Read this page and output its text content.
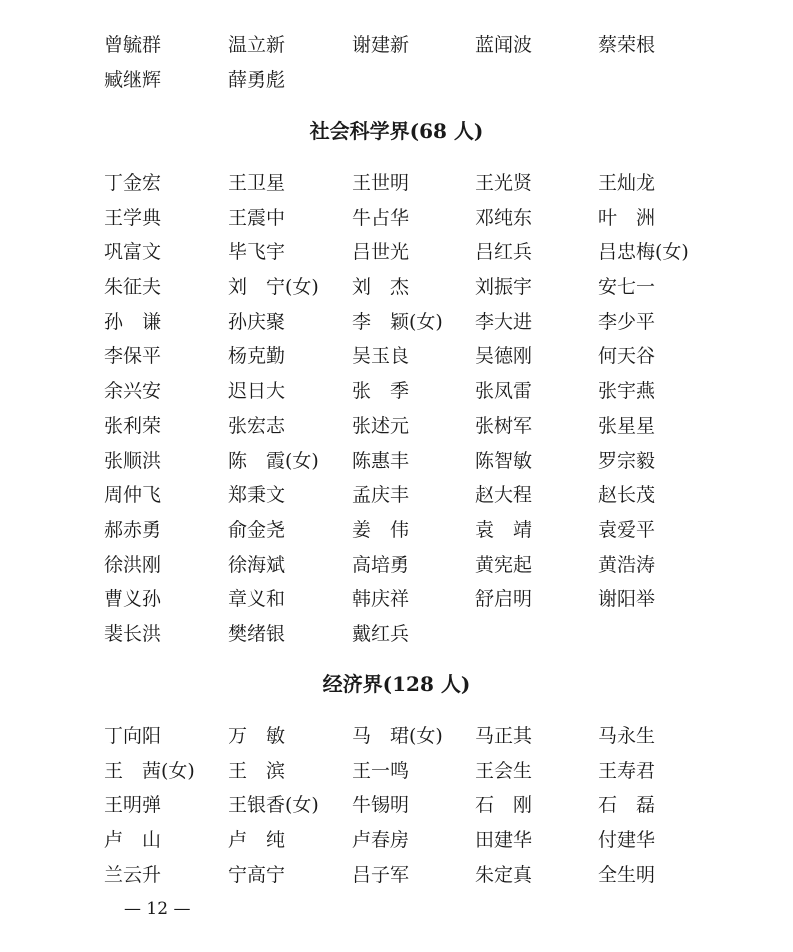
曾毓群	温立新	谢建新	蓝闻波	蔡荣根
臧继辉	薛勇彪
社会科学界(68 人)
丁金宏	王卫星	王世明	王光贤	王灿龙
王学典	王震中	牛占华	邓纯东	叶　洲
巩富文	毕飞宇	吕世光	吕红兵	吕忠梅(女)
朱征夫	刘　宁(女) 刘　杰	刘振宇	安七一
孙　谦	孙庆聚	李　颖(女) 李大进	李少平
李保平	杨克勤	吴玉良	吴德刚	何天谷
余兴安	迟日大	张　季	张凤雷	张宇燕
张利荣	张宏志	张述元	张树军	张星星
张顺洪	陈　霞(女) 陈惠丰	陈智敏	罗宗毅
周仲飞	郑秉文	孟庆丰	赵大程	赵长茂
郝赤勇	俞金尧	姜　伟	袁　靖	袁爱平
徐洪刚	徐海斌	高培勇	黄宪起	黄浩涛
曹义孙	章义和	韩庆祥	舒启明	谢阳举
裴长洪	樊绪银	戴红兵
经济界(128 人)
丁向阳	万　敏	马　珺(女) 马正其	马永生
王　茜(女) 王　滨	王一鸣	王会生	王寿君
王明弹	王银香(女) 牛锡明	石　刚	石　磊
卢　山	卢　纯	卢春房	田建华	付建华
兰云升	宁高宁	吕子军	朱定真	全生明
— 12 —
